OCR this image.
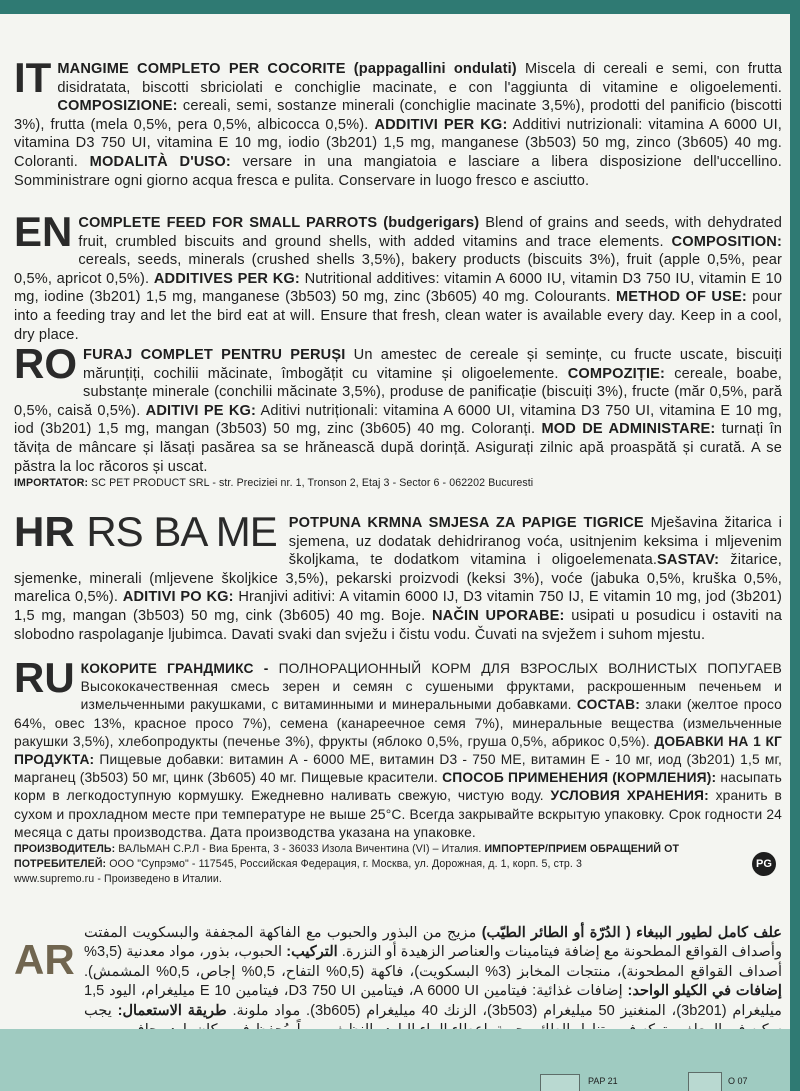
IT MANGIME COMPLETO PER COCORITE (pappagallini ondulati) Miscela di cereali e semi, con frutta disidratata, biscotti sbriciolati e conchiglie macinate, e con l'aggiunta di vitamine e oligoelementi. COMPOSIZIONE: cereali, semi, sostanze minerali (conchiglie macinate 3,5%), prodotti del panificio (biscotti 3%), frutta (mela 0,5%, pera 0,5%, albicocca 0,5%). ADDITIVI PER KG: Additivi nutrizionali: vitamina A 6000 UI, vitamina D3 750 UI, vitamina E 10 mg, iodio (3b201) 1,5 mg, manganese (3b503) 50 mg, zinco (3b605) 40 mg. Coloranti. MODALITÀ D'USO: versare in una mangiatoia e lasciare a libera disposizione dell'uccellino. Somministrare ogni giorno acqua fresca e pulita. Conservare in luogo fresco e asciutto.
EN COMPLETE FEED FOR SMALL PARROTS (budgerigars) Blend of grains and seeds, with dehydrated fruit, crumbled biscuits and ground shells, with added vitamins and trace elements. COMPOSITION: cereals, seeds, minerals (crushed shells 3,5%), bakery products (biscuits 3%), fruit (apple 0,5%, pear 0,5%, apricot 0,5%). ADDITIVES PER KG: Nutritional additives: vitamin A 6000 IU, vitamin D3 750 IU, vitamin E 10 mg, iodine (3b201) 1,5 mg, manganese (3b503) 50 mg, zinc (3b605) 40 mg. Colourants. METHOD OF USE: pour into a feeding tray and let the bird eat at will. Ensure that fresh, clean water is available every day. Keep in a cool, dry place.
RO FURAJ COMPLET PENTRU PERUȘI Un amestec de cereale și semințe, cu fructe uscate, biscuiți mărunțiți, cochilii măcinate, îmbogățit cu vitamine și oligoelemente. COMPOZIȚIE: cereale, boabe, substanțe minerale (conchilii măcinate 3,5%), produse de panificație (biscuiți 3%), fructe (măr 0,5%, pară 0,5%, caisă 0,5%). ADITIVI PE KG: Aditivi nutriționali: vitamina A 6000 UI, vitamina D3 750 UI, vitamina E 10 mg, iod (3b201) 1,5 mg, mangan (3b503) 50 mg, zinc (3b605) 40 mg. Coloranți. MOD DE ADMINISTARE: turnați în tăvița de mâncare și lăsați pasărea sa se hrănească după dorință. Asigurați zilnic apă proaspătă și curată. A se păstra la loc răcoros și uscat.
IMPORTATOR: SC PET PRODUCT SRL - str. Preciziei nr. 1, Tronson 2, Etaj 3 - Sector 6 - 062202 Bucuresti
HR RS BA ME POTPUNA KRMNA SMJESA ZA PAPIGE TIGRICE Mješavina žitarica i sjemena, uz dodatak dehidriranog voća, usitnjenim keksima i mljevenim školjkama, te dodatkom vitamina i oligoelemenata.SASTAV: žitarice, sjemenke, minerali (mljevene školjkice 3,5%), pekarski proizvodi (keksi 3%), voće (jabuka 0,5%, kruška 0,5%, marelica 0,5%). ADITIVI PO KG: Hranjivi aditivi: A vitamin 6000 IJ, D3 vitamin 750 IJ, E vitamin 10 mg, jod (3b201) 1,5 mg, mangan (3b503) 50 mg, cink (3b605) 40 mg. Boje. NAČIN UPORABE: usipati u posudicu i ostaviti na slobodno raspolaganje ljubimca. Davati svaki dan svježu i čistu vodu. Čuvati na svježem i suhom mjestu.
RU КОКОРИТЕ ГРАНДМИКС - ПОЛНОРАЦИОННЫЙ КОРМ ДЛЯ ВЗРОСЛЫХ ВОЛНИСТЫХ ПОПУГАЕВ Высококачественная смесь зерен и семян с сушеными фруктами, раскрошенным печеньем и измельченными ракушками, с витаминными и минеральными добавками. СОСТАВ: злаки (желтое просо 64%, овес 13%, красное просо 7%), семена (канареечное семя 7%), минеральные вещества (измельченные ракушки 3,5%), хлебопродукты (печенье 3%), фрукты (яблоко 0,5%, груша 0,5%, абрикос 0,5%). ДОБАВКИ НА 1 КГ ПРОДУКТА: Пищевые добавки: витамин А - 6000 МЕ, витамин D3 - 750 МЕ, витамин Е - 10 мг, иод (3b201) 1,5 мг, марганец (3b503) 50 мг, цинк (3b605) 40 мг. Пищевые красители. СПОСОБ ПРИМЕНЕНИЯ (КОРМЛЕНИЯ): насыпать корм в легкодоступную кормушку. Ежедневно наливать свежую, чистую воду. УСЛОВИЯ ХРАНЕНИЯ: хранить в сухом и прохладном месте при температуре не выше 25°С. Всегда закрывайте вскрытую упаковку. Срок годности 24 месяца с даты производства. Дата производства указана на упаковке.
ПРОИЗВОДИТЕЛЬ: ВАЛЬМАН С.Р.Л - Виа Брента, 3 - 36033 Изола Вичентина (VI) – Италия. ИМПОРТЕР/ПРИЕМ ОБРАЩЕНИЙ ОТ ПОТРЕБИТЕЛЕЙ: ООО "Супрэмо" - 117545, Российская Федерация, г. Москва, ул. Дорожная, д. 1, корп. 5, стр. 3
www.supremo.ru - Произведено в Италии.
PG
AR
علف كامل لطيور الببغاء ( الدُرّة أو الطائر الطيّب) مزيج من البذور والحبوب مع الفاكهة المجففة والبسكويت المفتت وأصداف القواقع المطحونة مع إضافة فيتامينات والعناصر الزهيدة أو النزرة. التركيب: الحبوب، بذور، مواد معدنية (3,5% أصداف القواقع المطحونة)، منتجات المخابز (3% البسكويت)، فاكهة (0,5% التفاح، 0,5% إجاص، 0,5% المشمش). إضافات في الكيلو الواحد: إضافات غذائية: فيتامين A 6000 UI، فيتامين D3 750 UI، فيتامين E 10 ميليغرام، اليود 1,5 ميليغرام (3b201)، المنغنيز 50 ميليغرام (3b503)، الزنك 40 ميليغرام (3b605). مواد ملونة. طريقة الاستعمال: يجب
PAP 21	O 07
